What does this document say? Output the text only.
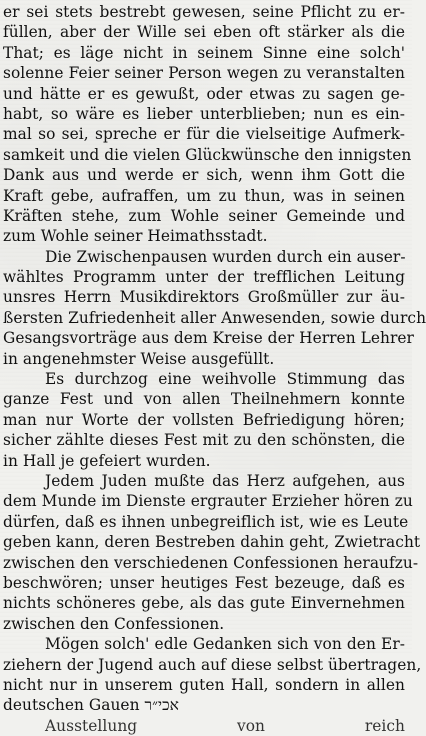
er sei stets bestrebt gewesen, seine Pflicht zu er-
füllen, aber der Wille sei eben oft stärker als die
That; es läge nicht in seinem Sinne eine solch'
solenne Feier seiner Person wegen zu veranstalten
und hätte er es gewußt, oder etwas zu sagen ge-
habt, so wäre es lieber unterblieben; nun es ein-
mal so sei, spreche er für die vielseitige Aufmerk-
samkeit und die vielen Glückwünsche den innigsten
Dank aus und werde er sich, wenn ihm Gott die
Kraft gebe, aufraffen, um zu thun, was in seinen
Kräften stehe, zum Wohle seiner Gemeinde und
zum Wohle seiner Heimathsstadt.
Die Zwischenpausen wurden durch ein auser-
wähltes Programm unter der trefflichen Leitung
unsres Herrn Musikdirektors Großmüller zur äu-
ßersten Zufriedenheit aller Anwesenden, sowie durch
Gesangsvorträge aus dem Kreise der Herren Lehrer
in angenehmster Weise ausgefüllt.
Es durchzog eine weihvolle Stimmung das
ganze Fest und von allen Theilnehmern konnte
man nur Worte der vollsten Befriedigung hören;
sicher zählte dieses Fest mit zu den schönsten, die
in Hall je gefeiert wurden.
Jedem Juden mußte das Herz aufgehen, aus
dem Munde im Dienste ergrauter Erzieher hören zu
dürfen, daß es ihnen unbegreiflich ist, wie es Leute
geben kann, deren Bestreben dahin geht, Zwietracht
zwischen den verschiedenen Confessionen heraufzu-
beschwören; unser heutiges Fest bezeuge, daß es
nichts schöneres gebe, als das gute Einvernehmen
zwischen den Confessionen.
Mögen solch' edle Gedanken sich von den Er-
ziehern der Jugend auch auf diese selbst übertragen,
nicht nur in unserem guten Hall, sondern in allen
deutschen Gauen אכי״ר
Ausstellung von reich
